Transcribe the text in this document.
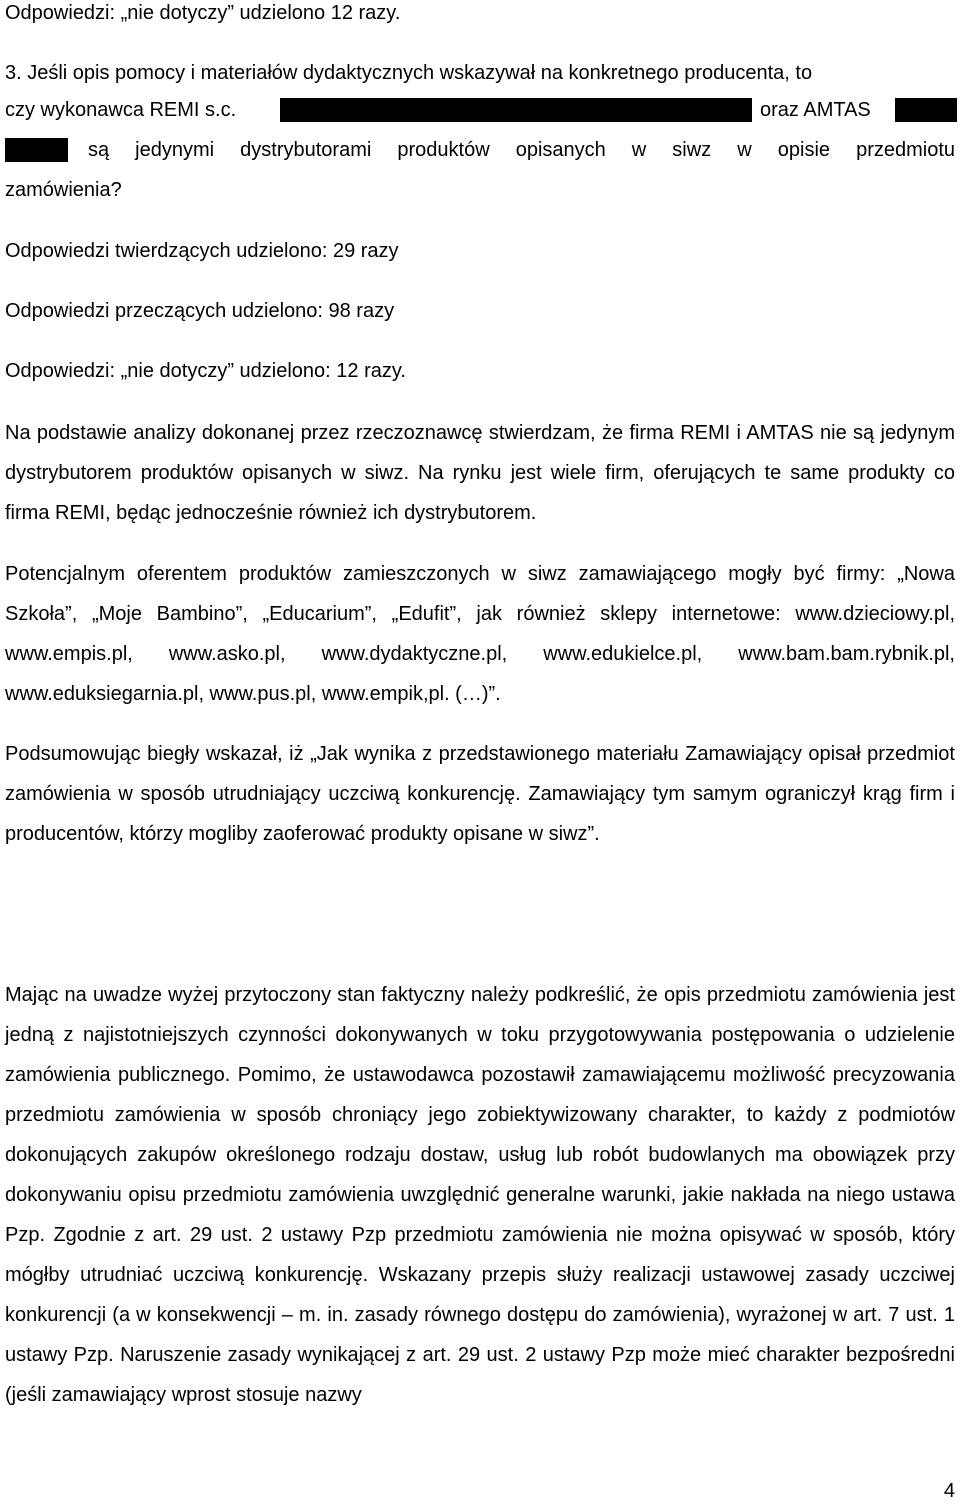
Odpowiedzi: „nie dotyczy” udzielono 12 razy.

3. Jeśli opis pomocy i materiałów dydaktycznych wskazywał na konkretnego producenta, to

czy wykonawca REMI s.c.	oraz AMTAS
są jedynymi dystrybutorami produktów opisanych w siwz w opisie przedmiotu

zamówienia?

Odpowiedzi twierdzących udzielono: 29 razy

Odpowiedzi przeczących udzielono: 98 razy

Odpowiedzi: „nie dotyczy” udzielono: 12 razy.

Na podstawie analizy dokonanej przez rzeczoznawcę stwierdzam, że firma REMI i AMTAS nie są jedynym dystrybutorem produktów opisanych w siwz. Na rynku jest wiele firm, oferujących te same produkty co firma REMI, będąc jednocześnie również ich dystrybutorem.

Potencjalnym oferentem produktów zamieszczonych w siwz zamawiającego mogły być firmy: „Nowa Szkoła”, „Moje Bambino”, „Educarium”, „Edufit”, jak również sklepy internetowe: www.dzieciowy.pl, www.empis.pl, www.asko.pl, www.dydaktyczne.pl, www.edukielce.pl, www.bam.bam.rybnik.pl, www.eduksiegarnia.pl, www.pus.pl, www.empik,pl. (…)”.

Podsumowując biegły wskazał, iż „Jak wynika z przedstawionego materiału Zamawiający opisał przedmiot zamówienia w sposób utrudniający uczciwą konkurencję. Zamawiający tym samym ograniczył krąg firm i producentów, którzy mogliby zaoferować produkty opisane w siwz”.

Mając na uwadze wyżej przytoczony stan faktyczny należy podkreślić, że opis przedmiotu zamówienia jest jedną z najistotniejszych czynności dokonywanych w toku przygotowywania postępowania o udzielenie zamówienia publicznego. Pomimo, że ustawodawca pozostawił zamawiającemu możliwość precyzowania przedmiotu zamówienia w sposób chroniący jego zobiektywizowany charakter, to każdy z podmiotów dokonujących zakupów określonego rodzaju dostaw, usług lub robót budowlanych ma obowiązek przy dokonywaniu opisu przedmiotu zamówienia uwzględnić generalne warunki, jakie nakłada na niego ustawa Pzp. Zgodnie z art. 29 ust. 2 ustawy Pzp przedmiotu zamówienia nie można opisywać w sposób, który mógłby utrudniać uczciwą konkurencję. Wskazany przepis służy realizacji ustawowej zasady uczciwej konkurencji (a w konsekwencji – m. in. zasady równego dostępu do zamówienia), wyrażonej w art. 7 ust. 1 ustawy Pzp. Naruszenie zasady wynikającej z art. 29 ust. 2 ustawy Pzp może mieć charakter bezpośredni (jeśli zamawiający wprost stosuje nazwy

4
